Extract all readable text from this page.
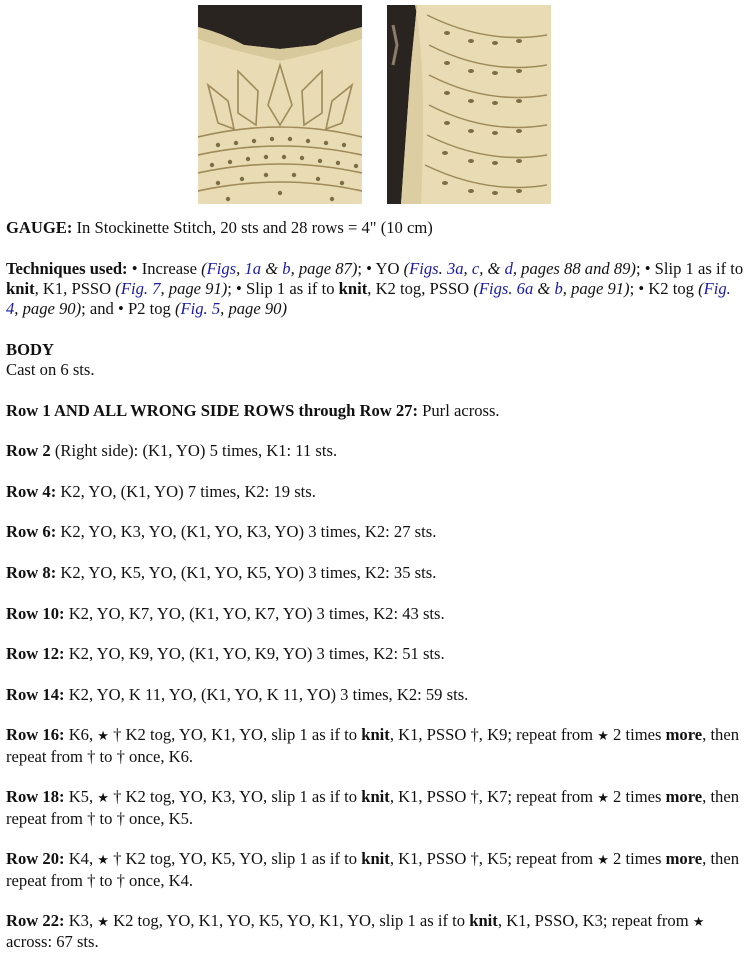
GAUGE: In Stockinette Stitch, 20 sts and 28 rows = 4" (10 cm)

Techniques used: • Increase (Figs, 1a & b, page 87); • YO (Figs. 3a, c, & d, pages 88 and 89); • Slip 1 as if to knit, K1, PSSO (Fig. 7, page 91); • Slip 1 as if to knit, K2 tog, PSSO (Figs. 6a & b, page 91); • K2 tog (Fig. 4, page 90); and • P2 tog (Fig. 5, page 90)

BODY
Cast on 6 sts.

Row 1 AND ALL WRONG SIDE ROWS through Row 27: Purl across.

Row 2 (Right side): (K1, YO) 5 times, K1: 11 sts.

Row 4: K2, YO, (K1, YO) 7 times, K2: 19 sts.

Row 6: K2, YO, K3, YO, (K1, YO, K3, YO) 3 times, K2: 27 sts.

Row 8: K2, YO, K5, YO, (K1, YO, K5, YO) 3 times, K2: 35 sts.

Row 10: K2, YO, K7, YO, (K1, YO, K7, YO) 3 times, K2: 43 sts.

Row 12: K2, YO, K9, YO, (K1, YO, K9, YO) 3 times, K2: 51 sts.

Row 14: K2, YO, K 11, YO, (K1, YO, K 11, YO) 3 times, K2: 59 sts.

Row 16: K6, ★ † K2 tog, YO, K1, YO, slip 1 as if to knit, K1, PSSO †, K9; repeat from ★ 2 times more, then repeat from † to † once, K6.

Row 18: K5, ★ † K2 tog, YO, K3, YO, slip 1 as if to knit, K1, PSSO †, K7; repeat from ★ 2 times more, then repeat from † to † once, K5.

Row 20: K4, ★ † K2 tog, YO, K5, YO, slip 1 as if to knit, K1, PSSO †, K5; repeat from ★ 2 times more, then repeat from † to † once, K4.

Row 22: K3, ★ K2 tog, YO, K1, YO, K5, YO, K1, YO, slip 1 as if to knit, K1, PSSO, K3; repeat from ★ across: 67 sts.
